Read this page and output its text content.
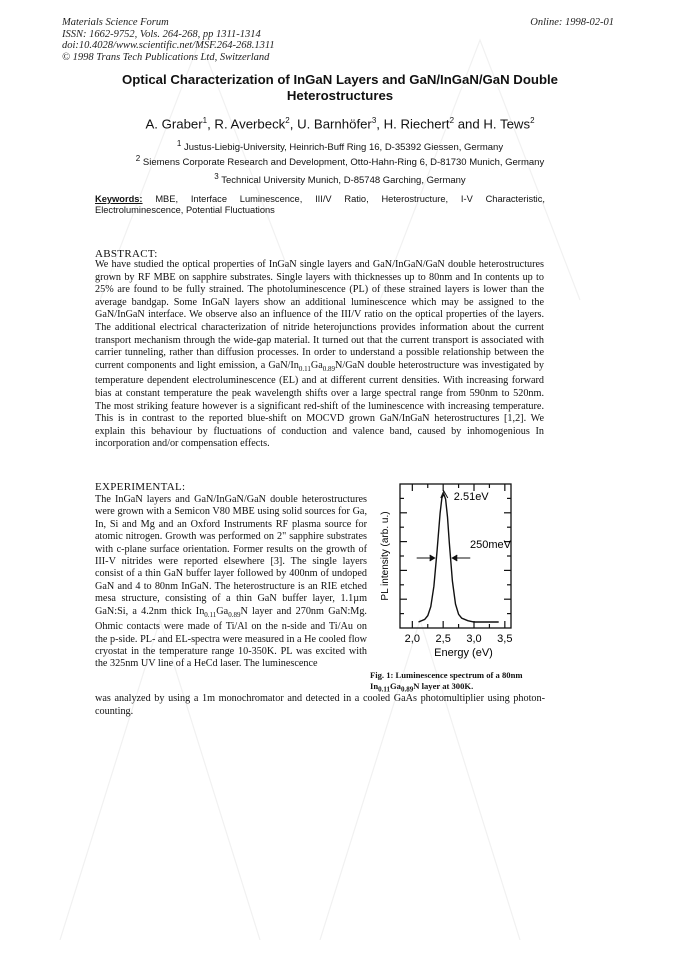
Materials Science Forum
ISSN: 1662-9752, Vols. 264-268, pp 1311-1314
doi:10.4028/www.scientific.net/MSF.264-268.1311
© 1998 Trans Tech Publications Ltd, Switzerland
Online: 1998-02-01
Optical Characterization of InGaN Layers and GaN/InGaN/GaN Double Heterostructures
A. Graber$^1$, R. Averbeck$^2$, U. Barnhöfer$^3$, H. Riechert$^2$ and H. Tews$^2$
$^1$ Justus-Liebig-University, Heinrich-Buff Ring 16, D-35392 Giessen, Germany
$^2$ Siemens Corporate Research and Development, Otto-Hahn-Ring 6, D-81730 Munich, Germany
$^3$ Technical University Munich, D-85748 Garching, Germany
Keywords: MBE, Interface Luminescence, III/V Ratio, Heterostructure, I-V Characteristic, Electroluminescence, Potential Fluctuations
ABSTRACT:
We have studied the optical properties of InGaN single layers and GaN/InGaN/GaN double heterostructures grown by RF MBE on sapphire substrates. Single layers with thicknesses up to 80nm and In contents up to 25% are found to be fully strained. The photoluminescence (PL) of these strained layers is lower than the average bandgap. Some InGaN layers show an additional luminescence which may be assigned to the GaN/InGaN interface. We observe also an influence of the III/V ratio on the optical properties of the layers. The additional electrical characterization of nitride heterojunctions provides information about the current transport mechanism through the wide-gap material. It turned out that the current transport is associated with carrier tunneling, rather than diffusion processes. In order to understand a possible relationship between the current components and light emission, a GaN/$In_{0.11}Ga_{0.89}N$/GaN double heterostructure was investigated by temperature dependent electroluminescence (EL) and at different current densities. With increasing forward bias at constant temperature the peak wavelength shifts over a large spectral range from 590nm to 520nm. The most striking feature however is a significant red-shift of the luminescence with increasing temperature. This is in contrast to the reported blue-shift on MOCVD grown GaN/InGaN heterostructures [1,2]. We explain this behaviour by fluctuations of conduction and valence band, caused by inhomogenious In incorporation and/or compensation effects.
EXPERIMENTAL:
The InGaN layers and GaN/InGaN/GaN double heterostructures were grown with a Semicon V80 MBE using solid sources for Ga, In, Si and Mg and an Oxford Instruments RF plasma source for atomic nitrogen. Growth was performed on 2" sapphire substrates with c-plane surface orientation. Former results on the growth of III-V nitrides were reported elsewhere [3]. The single layers consist of a thin GaN buffer layer followed by 400nm of undoped GaN and 4 to 80nm InGaN. The heterostructure is an RIE etched mesa structure, consisting of a thin GaN buffer layer, 1.1µm GaN:Si, a 4.2nm thick $In_{0.11}Ga_{0.89}N$ layer and 270nm GaN:Mg. Ohmic contacts were made of Ti/Al on the n-side and Ti/Au on the p-side. PL- and EL-spectra were measured in a He cooled flow cryostat in the temperature range 10-350K. PL was excited with the 325nm UV line of a HeCd laser. The luminescence
was analyzed by using a 1m monochromator and detected in a cooled GaAs photomultiplier using photon-counting.
2,0 2,5 3,0 3,5
Energy (eV)
PL intensity (arb. u.)
2.51eV
250meV
Fig. 1: Luminescence spectrum of a 80nm $In_{0.11}Ga_{0.89}N$ layer at 300K.
